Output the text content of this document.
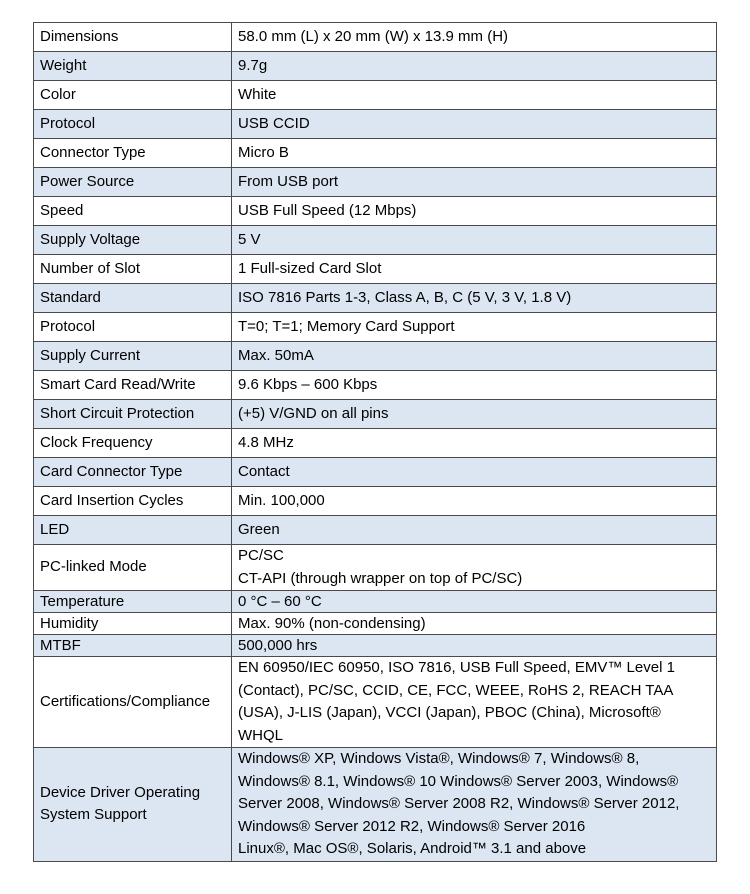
Dimensions	58.0 mm (L) x 20 mm (W) x 13.9 mm (H)
Weight	9.7g
Color	White
Protocol	USB CCID
Connector Type	Micro B
Power Source	From USB port
Speed	USB Full Speed (12 Mbps)
Supply Voltage	5 V
Number of Slot	1 Full-sized Card Slot
Standard	ISO 7816 Parts 1-3, Class A, B, C (5 V, 3 V, 1.8 V)
Protocol	T=0; T=1; Memory Card Support
Supply Current	Max. 50mA
Smart Card Read/Write	9.6 Kbps – 600 Kbps
Short Circuit Protection	(+5) V/GND on all pins
Clock Frequency	4.8 MHz
Card Connector Type	Contact
Card Insertion Cycles	Min. 100,000
LED	Green
PC-linked Mode	PC/SC
CT-API (through wrapper on top of PC/SC)

Temperature	0 °C – 60 °C
Humidity	Max. 90% (non-condensing)
MTBF	500,000 hrs
Certifications/Compliance	EN 60950/IEC 60950, ISO 7816, USB Full Speed, EMV™ Level 1
(Contact), PC/SC, CCID, CE, FCC, WEEE, RoHS 2, REACH TAA
(USA), J-LIS (Japan), VCCI (Japan), PBOC (China), Microsoft®
WHQL

Device Driver Operating
System Support	Windows® XP, Windows Vista®, Windows® 7, Windows® 8,
Windows® 8.1, Windows® 10 Windows® Server 2003, Windows®
Server 2008, Windows® Server 2008 R2, Windows® Server 2012,
Windows® Server 2012 R2, Windows® Server 2016
Linux®, Mac OS®, Solaris, Android™ 3.1 and above
